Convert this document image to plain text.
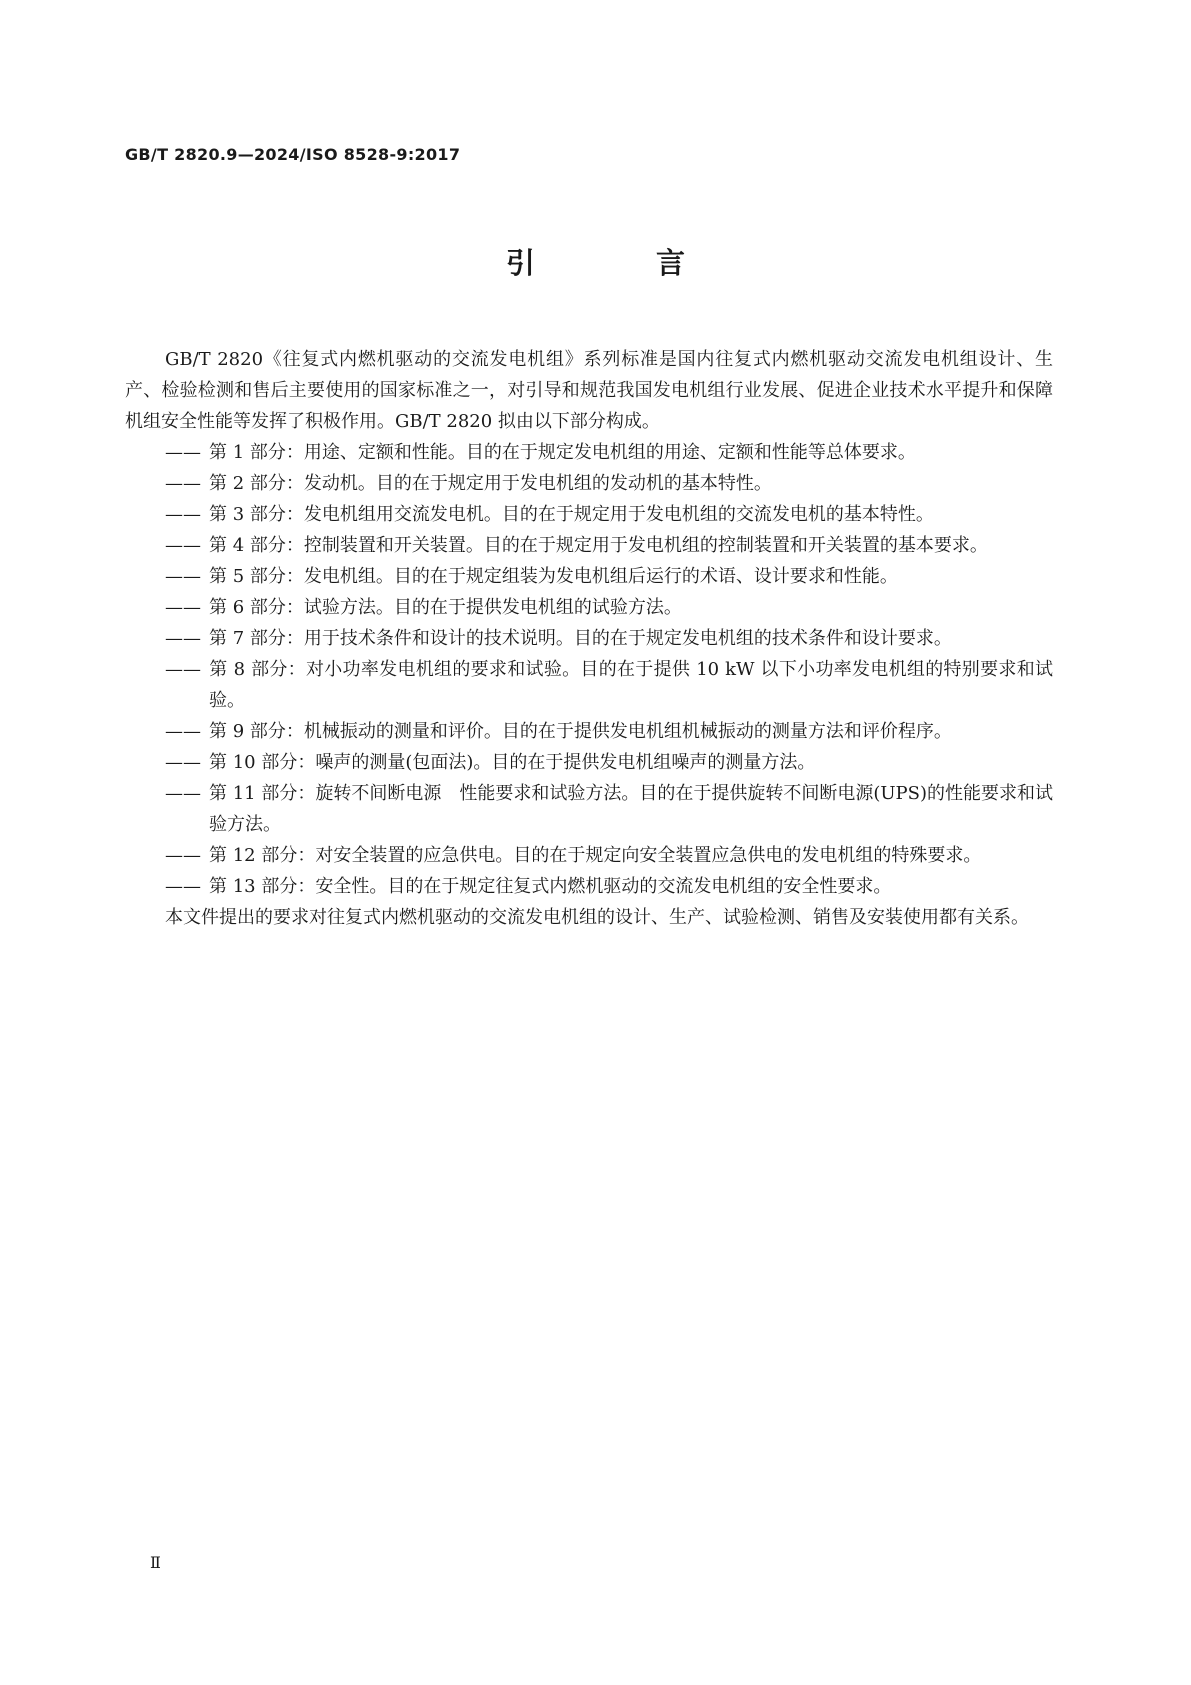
GB/T 2820.9—2024/ISO 8528-9:2017
引　言

GB/T 2820《往复式内燃机驱动的交流发电机组》系列标准是国内往复式内燃机驱动交流发电机组设计、生产、检验检测和售后主要使用的国家标准之一，对引导和规范我国发电机组行业发展、促进企业技术水平提升和保障机组安全性能等发挥了积极作用。GB/T 2820 拟由以下部分构成。

—— 第 1 部分：用途、定额和性能。目的在于规定发电机组的用途、定额和性能等总体要求。
—— 第 2 部分：发动机。目的在于规定用于发电机组的发动机的基本特性。
—— 第 3 部分：发电机组用交流发电机。目的在于规定用于发电机组的交流发电机的基本特性。
—— 第 4 部分：控制装置和开关装置。目的在于规定用于发电机组的控制装置和开关装置的基本要求。
—— 第 5 部分：发电机组。目的在于规定组装为发电机组后运行的术语、设计要求和性能。
—— 第 6 部分：试验方法。目的在于提供发电机组的试验方法。
—— 第 7 部分：用于技术条件和设计的技术说明。目的在于规定发电机组的技术条件和设计要求。
—— 第 8 部分：对小功率发电机组的要求和试验。目的在于提供 10 kW 以下小功率发电机组的特别要求和试验。
—— 第 9 部分：机械振动的测量和评价。目的在于提供发电机组机械振动的测量方法和评价程序。
—— 第 10 部分：噪声的测量(包面法)。目的在于提供发电机组噪声的测量方法。
—— 第 11 部分：旋转不间断电源　性能要求和试验方法。目的在于提供旋转不间断电源(UPS)的性能要求和试验方法。
—— 第 12 部分：对安全装置的应急供电。目的在于规定向安全装置应急供电的发电机组的特殊要求。
—— 第 13 部分：安全性。目的在于规定往复式内燃机驱动的交流发电机组的安全性要求。

本文件提出的要求对往复式内燃机驱动的交流发电机组的设计、生产、试验检测、销售及安装使用都有关系。

Ⅱ
